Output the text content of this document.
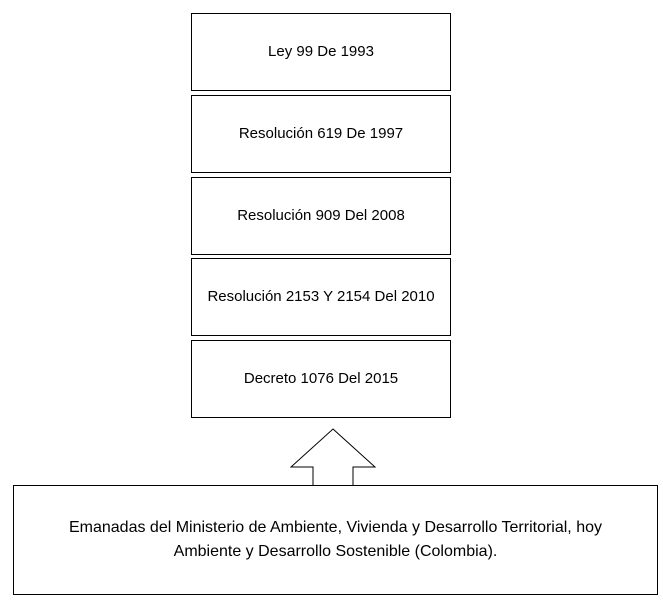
Ley 99 De 1993
Resolución 619 De 1997
Resolución 909 Del 2008
Resolución 2153 Y 2154 Del 2010
Decreto 1076 Del 2015
Emanadas del Ministerio de Ambiente, Vivienda y Desarrollo Territorial, hoy
Ambiente y Desarrollo Sostenible (Colombia).
